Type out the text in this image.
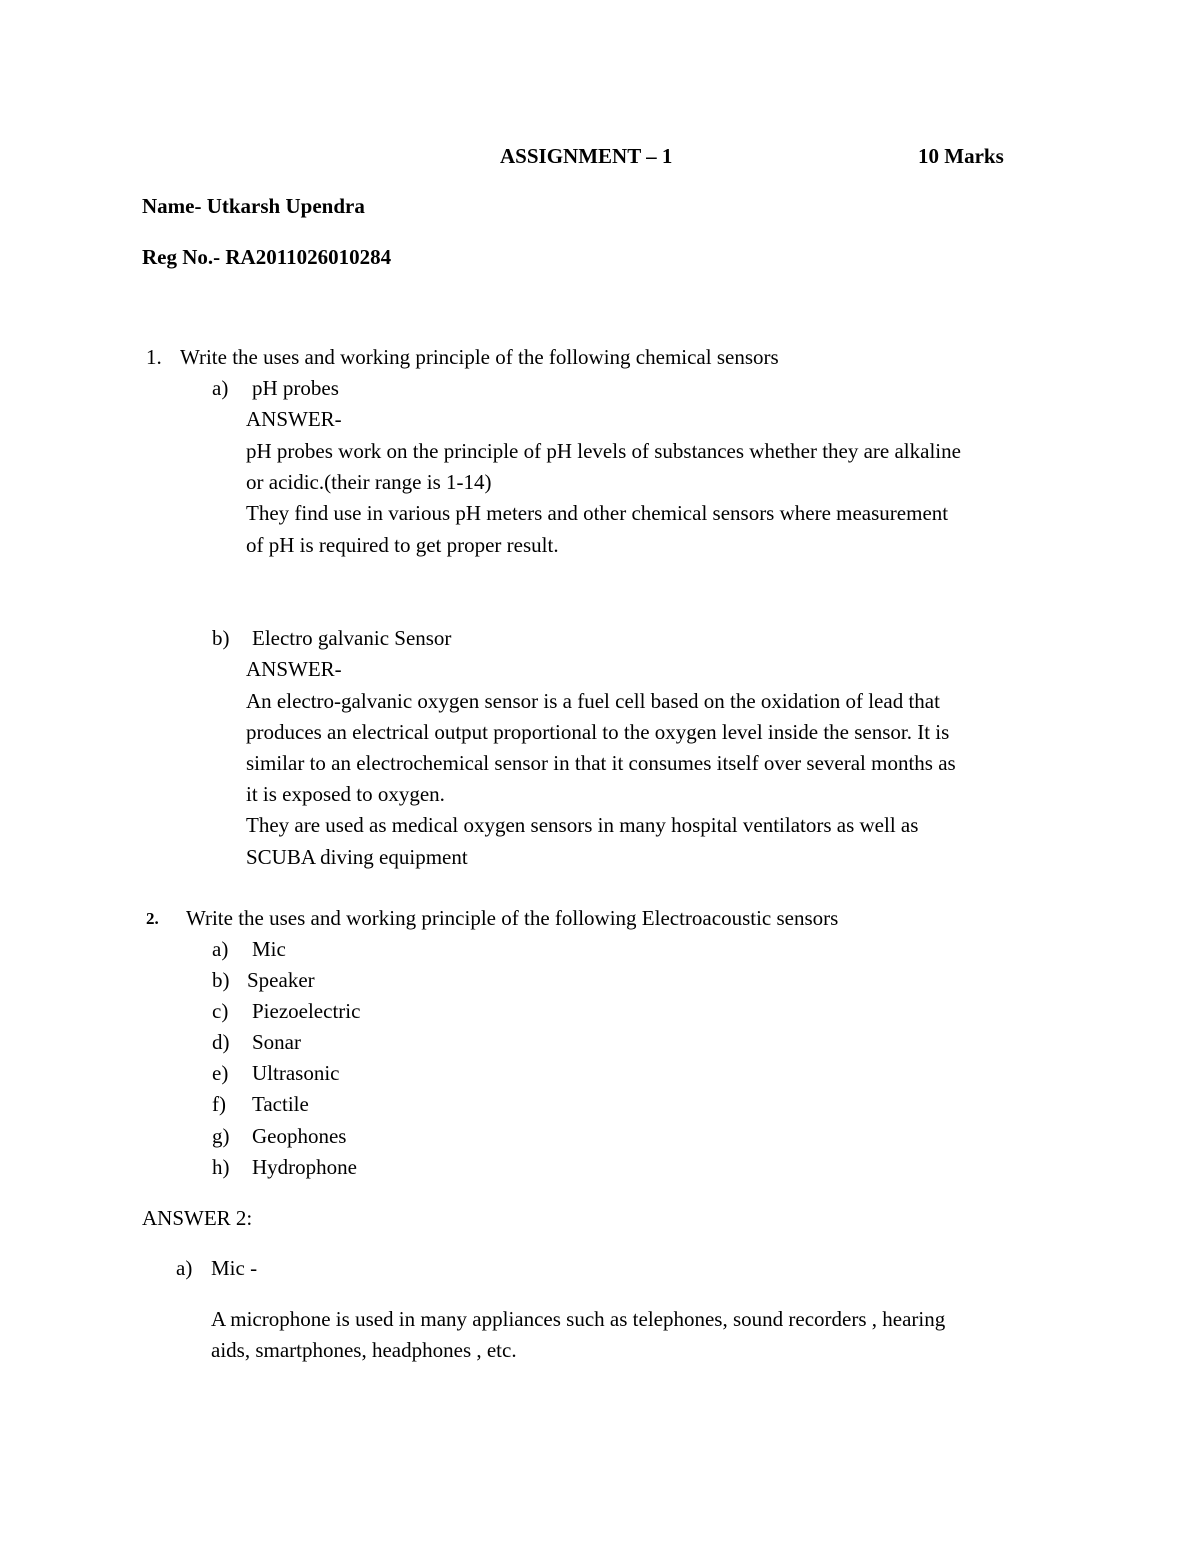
ASSIGNMENT – 1	10 Marks
Name- Utkarsh Upendra
Reg No.- RA2011026010284
1. Write the uses and working principle of the following chemical sensors
a) pH probes
ANSWER-
pH probes work on the principle of pH levels of substances whether they are alkaline
or acidic.(their range is 1-14)
They find use in various pH meters and other chemical sensors where measurement
of pH is required to get proper result.
b) Electro galvanic Sensor
ANSWER-
An electro-galvanic oxygen sensor is a fuel cell based on the oxidation of lead that
produces an electrical output proportional to the oxygen level inside the sensor. It is
similar to an electrochemical sensor in that it consumes itself over several months as
it is exposed to oxygen.
They are used as medical oxygen sensors in many hospital ventilators as well as
SCUBA diving equipment
2. Write the uses and working principle of the following Electroacoustic sensors
a) Mic
b) Speaker
c) Piezoelectric
d) Sonar
e) Ultrasonic
f) Tactile
g) Geophones
h) Hydrophone
ANSWER 2:
a) Mic -
A microphone is used in many appliances such as telephones, sound recorders , hearing
aids, smartphones, headphones , etc.
